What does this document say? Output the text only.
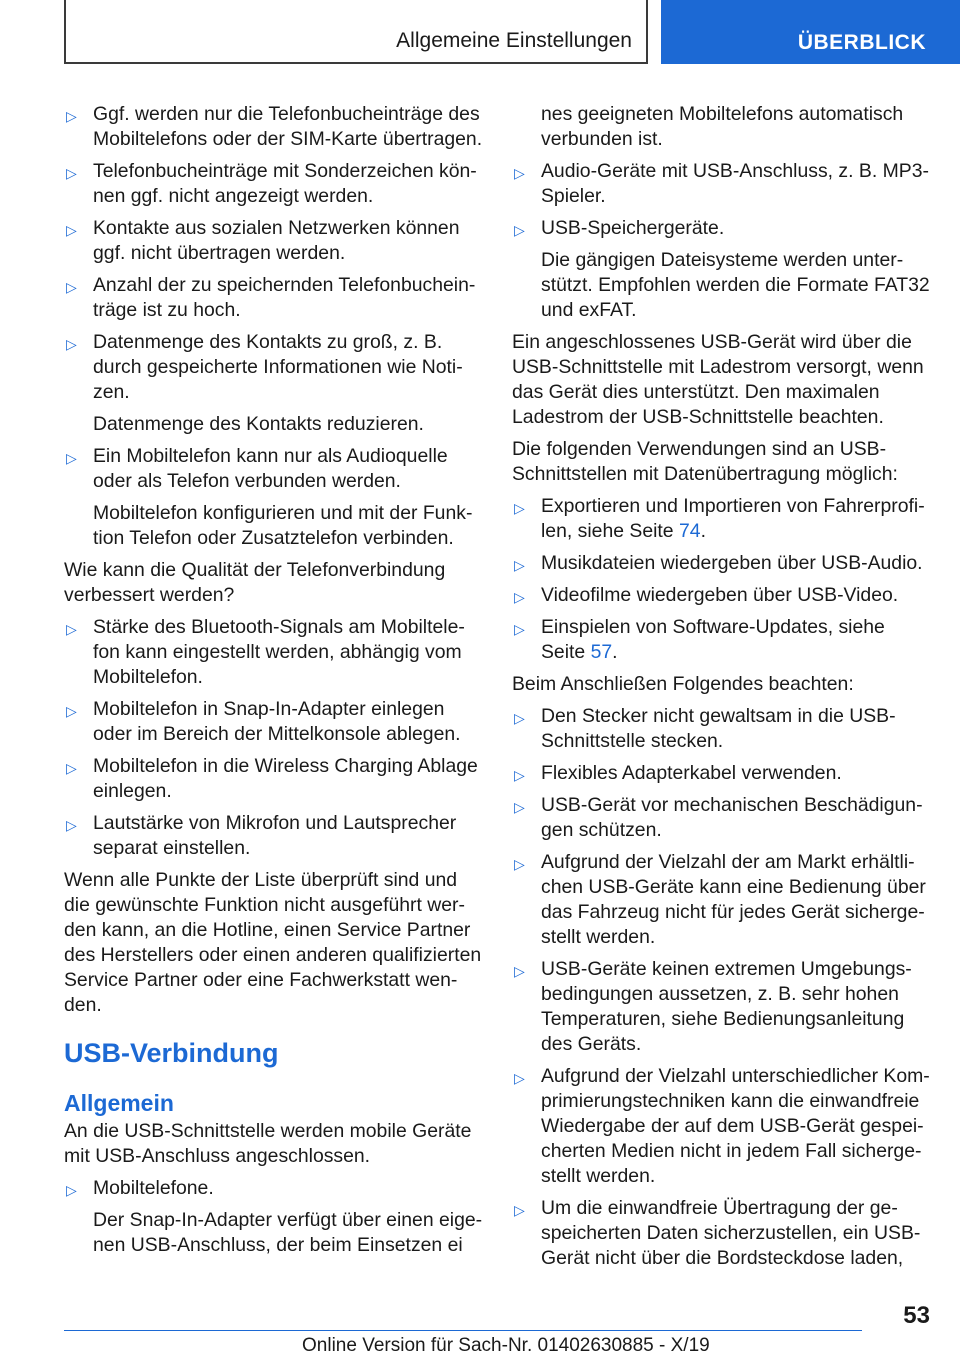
Allgemeine Einstellungen	ÜBERBLICK
▷ Ggf. werden nur die Telefonbucheinträge des Mobiltelefons oder der SIM-Karte übertragen.
▷ Telefonbucheinträge mit Sonderzeichen können ggf. nicht angezeigt werden.
▷ Kontakte aus sozialen Netzwerken können ggf. nicht übertragen werden.
▷ Anzahl der zu speichernden Telefonbucheinträge ist zu hoch.
▷ Datenmenge des Kontakts zu groß, z. B. durch gespeicherte Informationen wie Notizen.
Datenmenge des Kontakts reduzieren.
▷ Ein Mobiltelefon kann nur als Audioquelle oder als Telefon verbunden werden.
Mobiltelefon konfigurieren und mit der Funktion Telefon oder Zusatztelefon verbinden.

Wie kann die Qualität der Telefonverbindung verbessert werden?

▷ Stärke des Bluetooth-Signals am Mobiltelefon kann eingestellt werden, abhängig vom Mobiltelefon.
▷ Mobiltelefon in Snap-In-Adapter einlegen oder im Bereich der Mittelkonsole ablegen.
▷ Mobiltelefon in die Wireless Charging Ablage einlegen.
▷ Lautstärke von Mikrofon und Lautsprecher separat einstellen.

Wenn alle Punkte der Liste überprüft sind und die gewünschte Funktion nicht ausgeführt werden kann, an die Hotline, einen Service Partner des Herstellers oder einen anderen qualifizierten Service Partner oder eine Fachwerkstatt wenden.

USB-Verbindung
Allgemein

An die USB-Schnittstelle werden mobile Geräte mit USB-Anschluss angeschlossen.

▷ Mobiltelefone.
Der Snap-In-Adapter verfügt über einen eigenen USB-Anschluss, der beim Einsetzen ei
nes geeigneten Mobiltelefons automatisch verbunden ist.
▷ Audio-Geräte mit USB-Anschluss, z. B. MP3-Spieler.
▷ USB-Speichergeräte.
Die gängigen Dateisysteme werden unterstützt. Empfohlen werden die Formate FAT32 und exFAT.

Ein angeschlossenes USB-Gerät wird über die USB-Schnittstelle mit Ladestrom versorgt, wenn das Gerät dies unterstützt. Den maximalen Ladestrom der USB-Schnittstelle beachten.

Die folgenden Verwendungen sind an USB-Schnittstellen mit Datenübertragung möglich:

▷ Exportieren und Importieren von Fahrerprofilen, siehe Seite 74.
▷ Musikdateien wiedergeben über USB-Audio.
▷ Videofilme wiedergeben über USB-Video.
▷ Einspielen von Software-Updates, siehe Seite 57.

Beim Anschließen Folgendes beachten:

▷ Den Stecker nicht gewaltsam in die USB-Schnittstelle stecken.
▷ Flexibles Adapterkabel verwenden.
▷ USB-Gerät vor mechanischen Beschädigungen schützen.
▷ Aufgrund der Vielzahl der am Markt erhältlichen USB-Geräte kann eine Bedienung über das Fahrzeug nicht für jedes Gerät sichergestellt werden.
▷ USB-Geräte keinen extremen Umgebungsbedingungen aussetzen, z. B. sehr hohen Temperaturen, siehe Bedienungsanleitung des Geräts.
▷ Aufgrund der Vielzahl unterschiedlicher Komprimierungstechniken kann die einwandfreie Wiedergabe der auf dem USB-Gerät gespeicherten Medien nicht in jedem Fall sichergestellt werden.
▷ Um die einwandfreie Übertragung der gespeicherten Daten sicherzustellen, ein USB-Gerät nicht über die Bordsteckdose laden,
53
Online Version für Sach-Nr. 01402630885 - X/19
